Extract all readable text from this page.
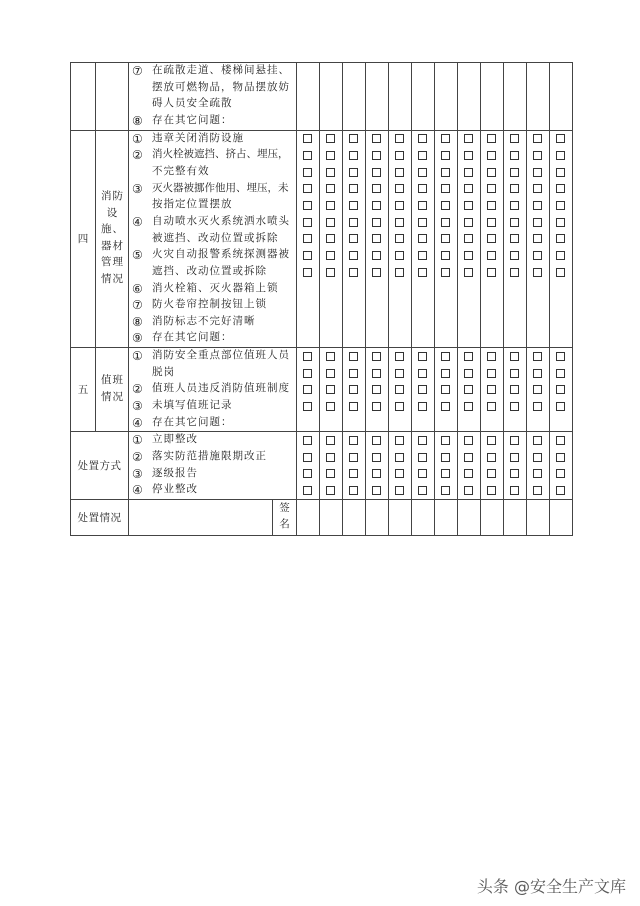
⑦ 在疏散走道、楼梯间悬挂、
摆放可燃物品，物品摆放妨
碍人员安全疏散
⑧ 存在其它问题：
四
消防
设
施、
器材
管理
情况
① 违章关闭消防设施
② 消火栓被遮挡、挤占、埋压，
不完整有效
③ 灭火器被挪作他用、埋压，未
按指定位置摆放
④ 自动喷水灭火系统洒水喷头
被遮挡、改动位置或拆除
⑤ 火灾自动报警系统探测器被
遮挡、改动位置或拆除
⑥ 消火栓箱、灭火器箱上锁
⑦ 防火卷帘控制按钮上锁
⑧ 消防标志不完好清晰
⑨ 存在其它问题：
五
值班
情况
① 消防安全重点部位值班人员
脱岗
② 值班人员违反消防值班制度
③ 未填写值班记录
④ 存在其它问题：
处置方式
① 立即整改
② 落实防范措施限期改正
③ 逐级报告
④ 停业整改
处置情况
签
名
头条 @安全生产文库
